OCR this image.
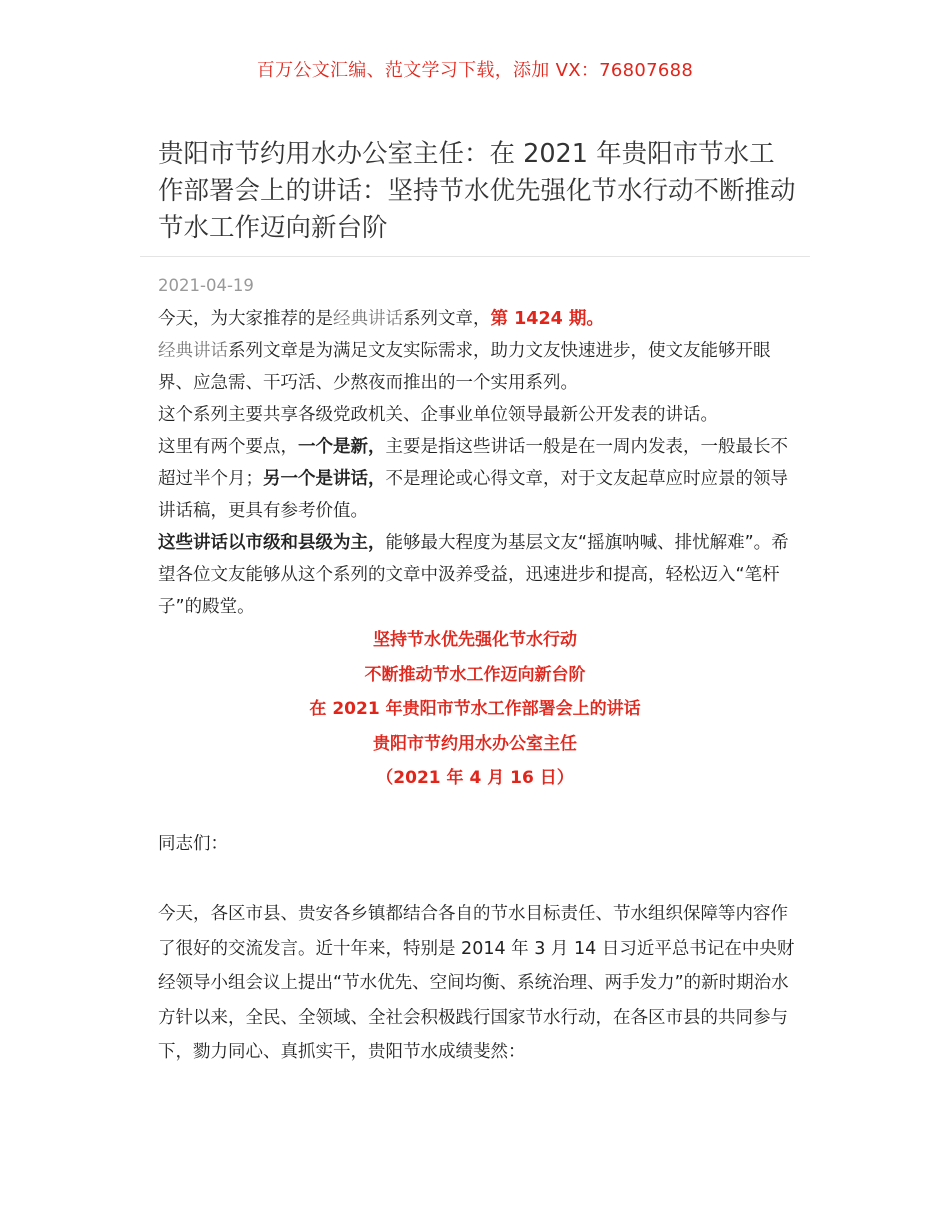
百万公文汇编、范文学习下载，添加 VX：76807688
贵阳市节约用水办公室主任：在 2021 年贵阳市节水工作部署会上的讲话：坚持节水优先强化节水行动不断推动节水工作迈向新台阶
2021-04-19

今天，为大家推荐的是经典讲话系列文章，第 1424 期。

经典讲话系列文章是为满足文友实际需求，助力文友快速进步，使文友能够开眼界、应急需、干巧活、少熬夜而推出的一个实用系列。

这个系列主要共享各级党政机关、企事业单位领导最新公开发表的讲话。

这里有两个要点，一个是新，主要是指这些讲话一般是在一周内发表，一般最长不超过半个月；另一个是讲话，不是理论或心得文章，对于文友起草应时应景的领导讲话稿，更具有参考价值。

这些讲话以市级和县级为主，能够最大程度为基层文友“摇旗呐喊、排忧解难”。希望各位文友能够从这个系列的文章中汲养受益，迅速进步和提高，轻松迈入“笔杆子”的殿堂。

坚持节水优先强化节水行动
不断推动节水工作迈向新台阶
在 2021 年贵阳市节水工作部署会上的讲话
贵阳市节约用水办公室主任
（2021 年 4 月 16 日）
同志们：

今天，各区市县、贵安各乡镇都结合各自的节水目标责任、节水组织保障等内容作了很好的交流发言。近十年来，特别是 2014 年 3 月 14 日习近平总书记在中央财经领导小组会议上提出“节水优先、空间均衡、系统治理、两手发力”的新时期治水方针以来，全民、全领域、全社会积极践行国家节水行动，在各区市县的共同参与下，勠力同心、真抓实干，贵阳节水成绩斐然：
